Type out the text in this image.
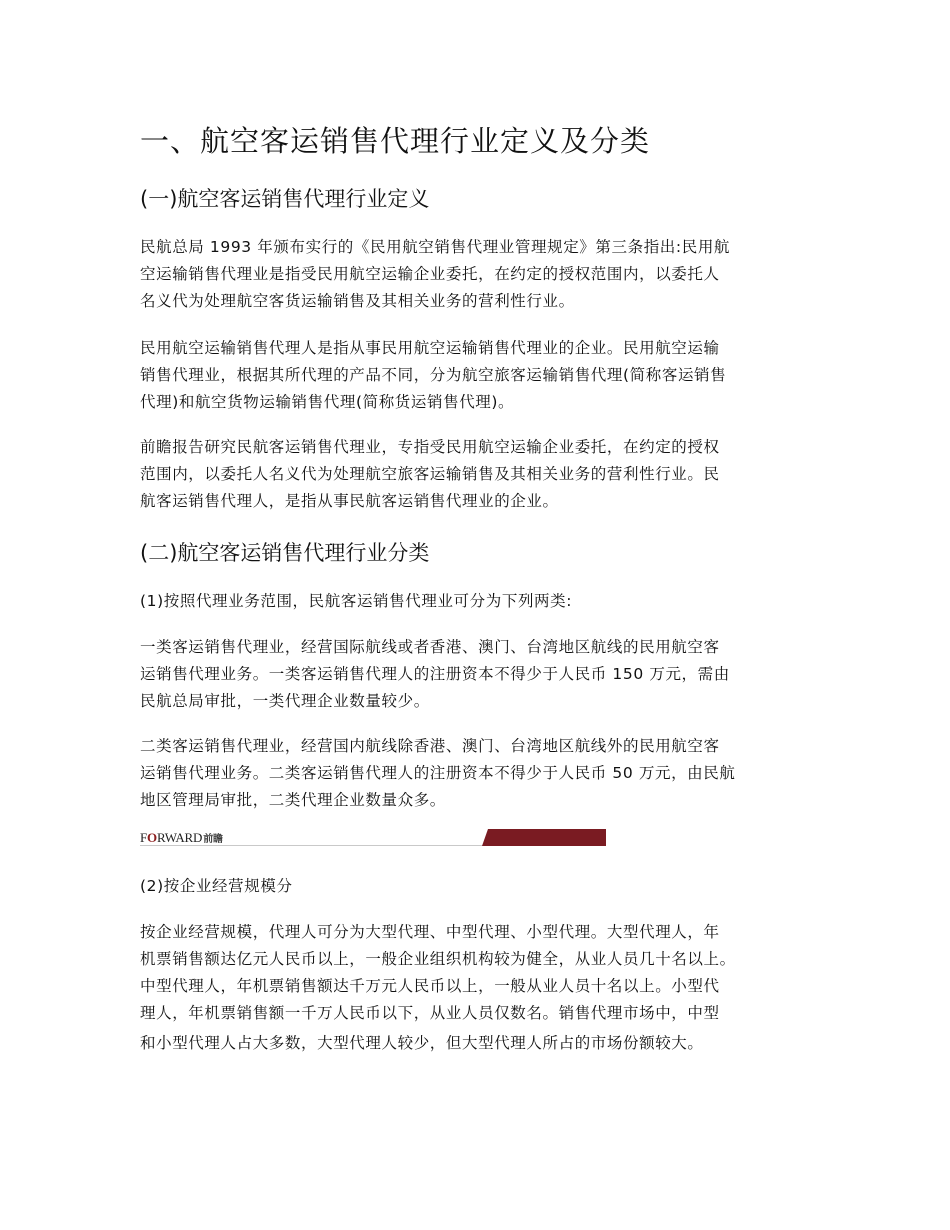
一、航空客运销售代理行业定义及分类
(一)航空客运销售代理行业定义
民航总局 1993 年颁布实行的《民用航空销售代理业管理规定》第三条指出:民用航
空运输销售代理业是指受民用航空运输企业委托，在约定的授权范围内，以委托人
名义代为处理航空客货运输销售及其相关业务的营利性行业。
民用航空运输销售代理人是指从事民用航空运输销售代理业的企业。民用航空运输
销售代理业，根据其所代理的产品不同，分为航空旅客运输销售代理(简称客运销售
代理)和航空货物运输销售代理(简称货运销售代理)。
前瞻报告研究民航客运销售代理业，专指受民用航空运输企业委托，在约定的授权
范围内，以委托人名义代为处理航空旅客运输销售及其相关业务的营利性行业。民
航客运销售代理人，是指从事民航客运销售代理业的企业。
(二)航空客运销售代理行业分类
(1)按照代理业务范围，民航客运销售代理业可分为下列两类:
一类客运销售代理业，经营国际航线或者香港、澳门、台湾地区航线的民用航空客
运销售代理业务。一类客运销售代理人的注册资本不得少于人民币 150 万元，需由
民航总局审批，一类代理企业数量较少。
二类客运销售代理业，经营国内航线除香港、澳门、台湾地区航线外的民用航空客
运销售代理业务。二类客运销售代理人的注册资本不得少于人民币 50 万元，由民航
地区管理局审批，二类代理企业数量众多。
FORWARD前瞻
(2)按企业经营规模分
按企业经营规模，代理人可分为大型代理、中型代理、小型代理。大型代理人，年
机票销售额达亿元人民币以上，一般企业组织机构较为健全，从业人员几十名以上。
中型代理人，年机票销售额达千万元人民币以上，一般从业人员十名以上。小型代
理人，年机票销售额一千万人民币以下，从业人员仅数名。销售代理市场中，中型
和小型代理人占大多数，大型代理人较少，但大型代理人所占的市场份额较大。
